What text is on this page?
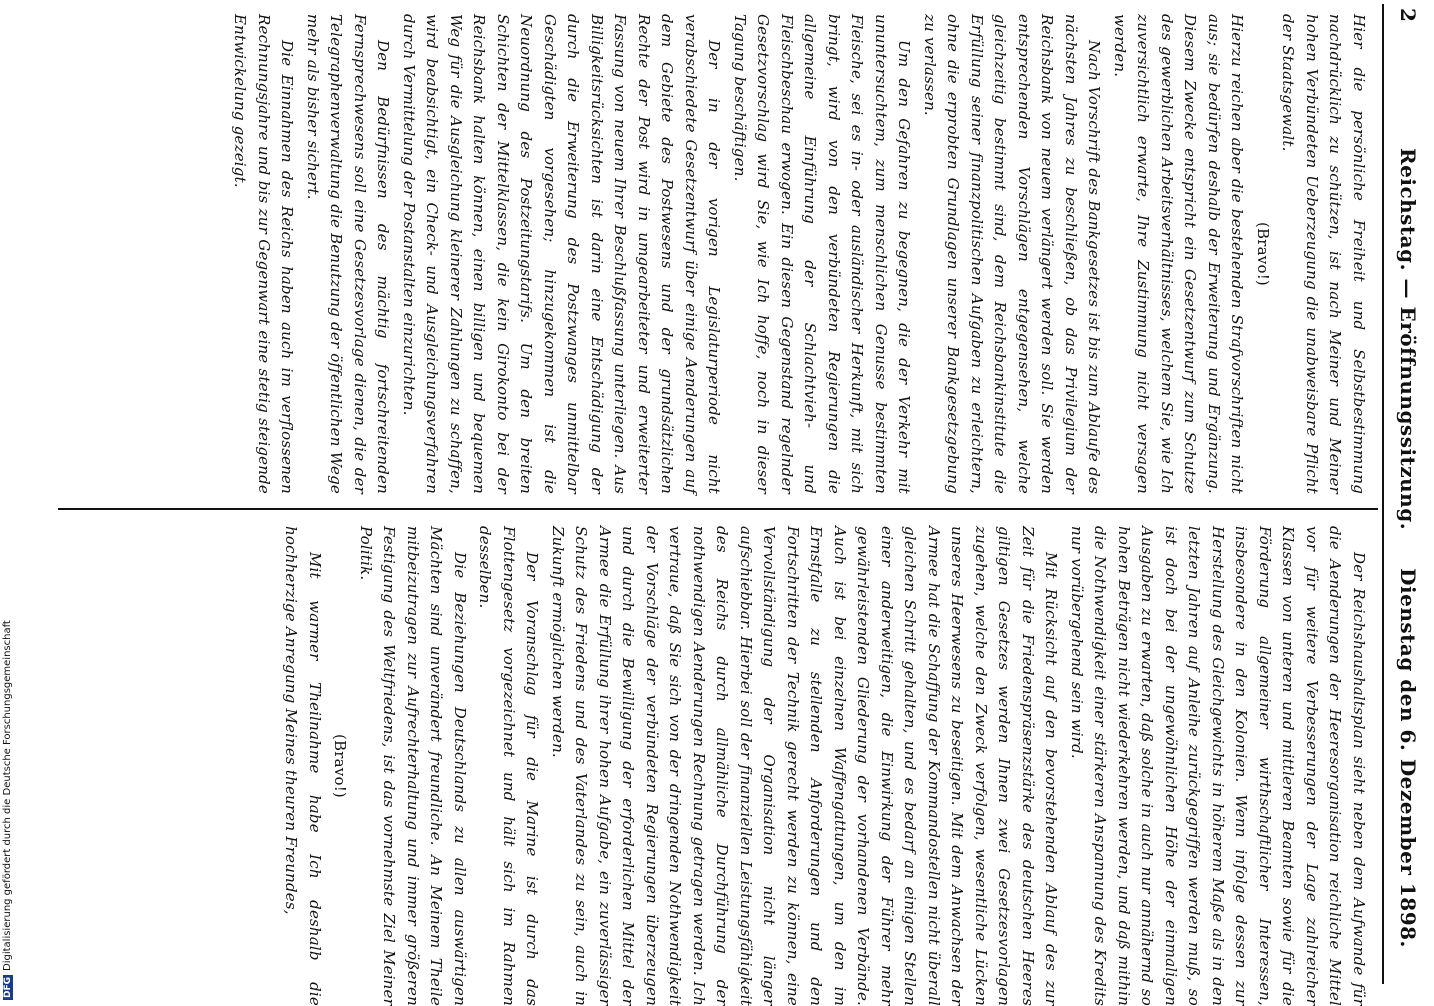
2
Reichstag. — Eröffnungssitzung.
Dienstag den 6. Dezember 1898.

Hier die persönliche Freiheit und Selbstbestimmung nachdrücklich zu schützen, ist nach Meiner und Meiner hohen Verbündeten Ueberzeugung die unabweisbare Pflicht der Staatsgewalt.

(Bravo!)

Hierzu reichen aber die bestehenden Strafvorschriften nicht aus; sie bedürfen deshalb der Erweiterung und Ergänzung. Diesem Zwecke entspricht ein Gesetzentwurf zum Schutze des gewerblichen Arbeitsverhältnisses, welchem Sie, wie Ich zuversichtlich erwarte, Ihre Zustimmung nicht versagen werden.

Nach Vorschrift des Bankgesetzes ist bis zum Ablaufe des nächsten Jahres zu beschließen, ob das Privilegium der Reichsbank von neuem verlängert werden soll. Sie werden entsprechenden Vorschlägen entgegensehen, welche gleichzeitig bestimmt sind, dem Reichsbankinstitute die Erfüllung seiner finanzpolitischen Aufgaben zu erleichtern, ohne die erprobten Grundlagen unserer Bankgesetzgebung zu verlassen.

Um den Gefahren zu begegnen, die der Verkehr mit ununtersuchtem, zum menschlichen Genusse bestimmten Fleische, sei es in- oder ausländischer Herkunft, mit sich bringt, wird von den verbündeten Regierungen die allgemeine Einführung der Schlachtvieh- und Fleischbeschau erwogen. Ein diesen Gegenstand regelnder Gesetzvorschlag wird Sie, wie Ich hoffe, noch in dieser Tagung beschäftigen.

Der in der vorigen Legislaturperiode nicht verabschiedete Gesetzentwurf über einige Aenderungen auf dem Gebiete des Postwesens und der grundsätzlichen Rechte der Post wird in umgearbeiteter und erweiterter Fassung von neuem Ihrer Beschlußfassung unterliegen. Aus Billigkeitsrücksichten ist darin eine Entschädigung der durch die Erweiterung des Postzwanges unmittelbar Geschädigten vorgesehen; hinzugekommen ist die Neuordnung des Postzeitungstarifs. Um den breiten Schichten der Mittelklassen, die kein Girokonto bei der Reichsbank halten können, einen billigen und bequemen Weg für die Ausgleichung kleinerer Zahlungen zu schaffen, wird beabsichtigt, ein Check- und Ausgleichungsverfahren durch Vermittelung der Postanstalten einzurichten.

Den Bedürfnissen des mächtig fortschreitenden Fernsprechwesens soll eine Gesetzesvorlage dienen, die der Telegraphenverwaltung die Benutzung der öffentlichen Wege mehr als bisher sichert.

Die Einnahmen des Reichs haben auch im verflossenen Rechnungsjahre und bis zur Gegenwart eine stetig steigende Entwickelung gezeigt.

Der Reichshaushaltsplan sieht neben dem Aufwande für die Aenderungen der Heeresorganisation reichliche Mittel vor für weitere Verbesserungen der Lage zahlreicher Klassen von unteren und mittleren Beamten sowie für die Förderung allgemeiner wirthschaftlicher Interessen, insbesondere in den Kolonien. Wenn infolge dessen zur Herstellung des Gleichgewichts in höherem Maße als in den letzten Jahren auf Anleihe zurückgegriffen werden muß, so ist doch bei der ungewöhnlichen Höhe der einmaligen Ausgaben zu erwarten, daß solche in auch nur annähernd so hohen Beträgen nicht wiederkehren werden, und daß mithin die Nothwendigkeit einer stärkeren Anspannung des Kredits nur vorübergehend sein wird.

Mit Rücksicht auf den bevorstehenden Ablauf des zur Zeit für die Friedenspräsenzstärke des deutschen Heeres giltigen Gesetzes werden Ihnen zwei Gesetzesvorlagen zugehen, welche den Zweck verfolgen, wesentliche Lücken unseres Heerwesens zu beseitigen. Mit dem Anwachsen der Armee hat die Schaffung der Kommandostellen nicht überall gleichen Schritt gehalten, und es bedarf an einigen Stellen einer anderweitigen, die Einwirkung der Führer mehr gewährleistenden Gliederung der vorhandenen Verbände. Auch ist bei einzelnen Waffengattungen, um den im Ernstfalle zu stellenden Anforderungen und den Fortschritten der Technik gerecht werden zu können, eine Vervollständigung der Organisation nicht länger aufschiebbar. Hierbei soll der finanziellen Leistungsfähigkeit des Reichs durch allmähliche Durchführung der nothwendigen Aenderungen Rechnung getragen werden. Ich vertraue, daß Sie sich von der dringenden Nothwendigkeit der Vorschläge der verbündeten Regierungen überzeugen und durch die Bewilligung der erforderlichen Mittel der Armee die Erfüllung ihrer hohen Aufgabe, ein zuverlässiger Schutz des Friedens und des Vaterlandes zu sein, auch in Zukunft ermöglichen werden.

Der Voranschlag für die Marine ist durch das Flottengesetz vorgezeichnet und hält sich im Rahmen desselben.

Die Beziehungen Deutschlands zu allen auswärtigen Mächten sind unverändert freundliche. An Meinem Theile mitbeizutragen zur Aufrechterhaltung und immer größeren Festigung des Weltfriedens, ist das vornehmste Ziel Meiner Politik.

(Bravo!)

Mit warmer Theilnahme habe Ich deshalb die hochherzige Anregung Meines theuren Freundes,

DFGDigitalisierung gefördert durch die Deutsche Forschungsgemeinschaft
